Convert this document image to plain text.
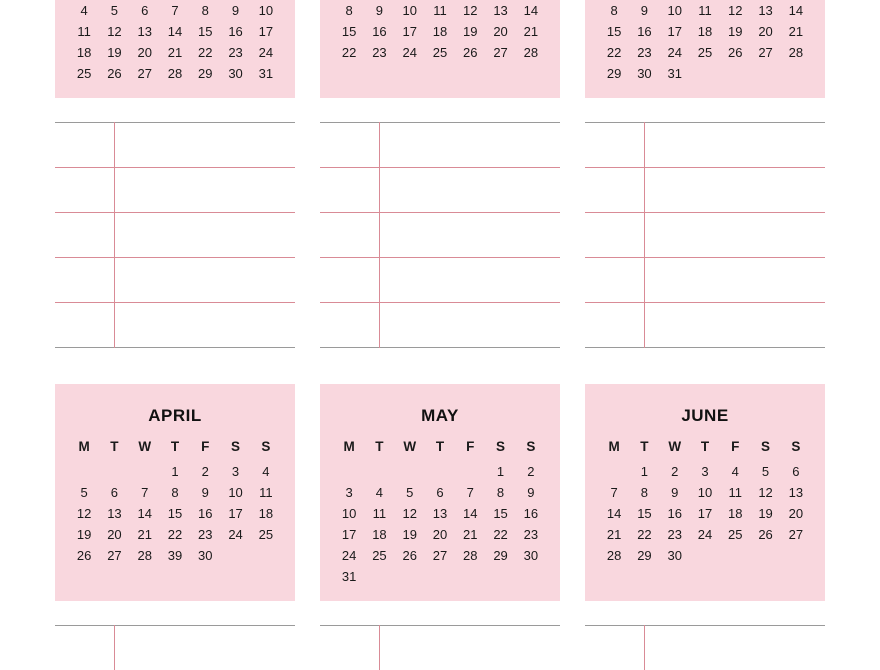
4	5	6	7	8	9	10
11	12	13	14	15	16	17
18	19	20	21	22	23	24
25	26	27	28	29	30	31
8	9	10	11	12	13	14
15	16	17	18	19	20	21
22	23	24	25	26	27	28

8	9	10	11	12	13	14
15	16	17	18	19	20	21
22	23	24	25	26	27	28
29	30	31				
APRIL
M	T	W	T	F	S	S
			1	2	3	4
5	6	7	8	9	10	11
12	13	14	15	16	17	18
19	20	21	22	23	24	25
26	27	28	39	30		
MAY
M	T	W	T	F	S	S
					1	2
3	4	5	6	7	8	9
10	11	12	13	14	15	16
17	18	19	20	21	22	23
24	25	26	27	28	29	30
31						
JUNE
M	T	W	T	F	S	S
	1	2	3	4	5	6
7	8	9	10	11	12	13
14	15	16	17	18	19	20
21	22	23	24	25	26	27
28	29	30				
